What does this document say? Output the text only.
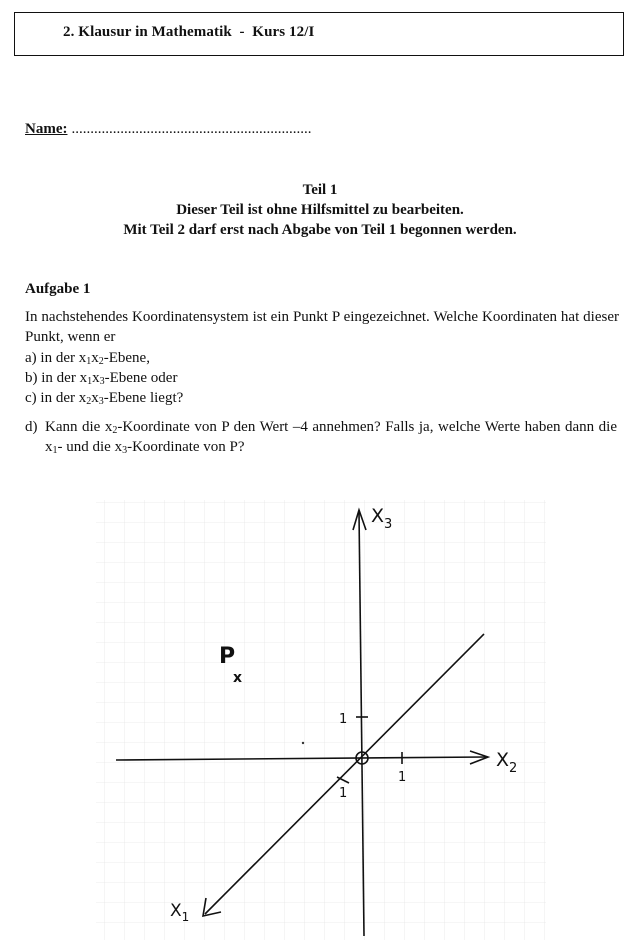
2. Klausur in Mathematik  -  Kurs 12/I
Name: ................................................................
Teil 1
Dieser Teil ist ohne Hilfsmittel zu bearbeiten.
Mit Teil 2 darf erst nach Abgabe von Teil 1 begonnen werden.
Aufgabe 1
In nachstehendes Koordinatensystem ist ein Punkt P eingezeichnet. Welche Koordinaten hat dieser Punkt, wenn er
a) in der $x_1x_2$-Ebene,
b) in der $x_1x_3$-Ebene oder
c) in der $x_2x_3$-Ebene liegt?
d) Kann die $x_2$-Koordinate von P den Wert –4 annehmen? Falls ja, welche Werte haben dann die $x_1-$ und die $x_3$-Koordinate von P?
1
1
1
$X_3$
$X_2$
$X_1$
P
x
